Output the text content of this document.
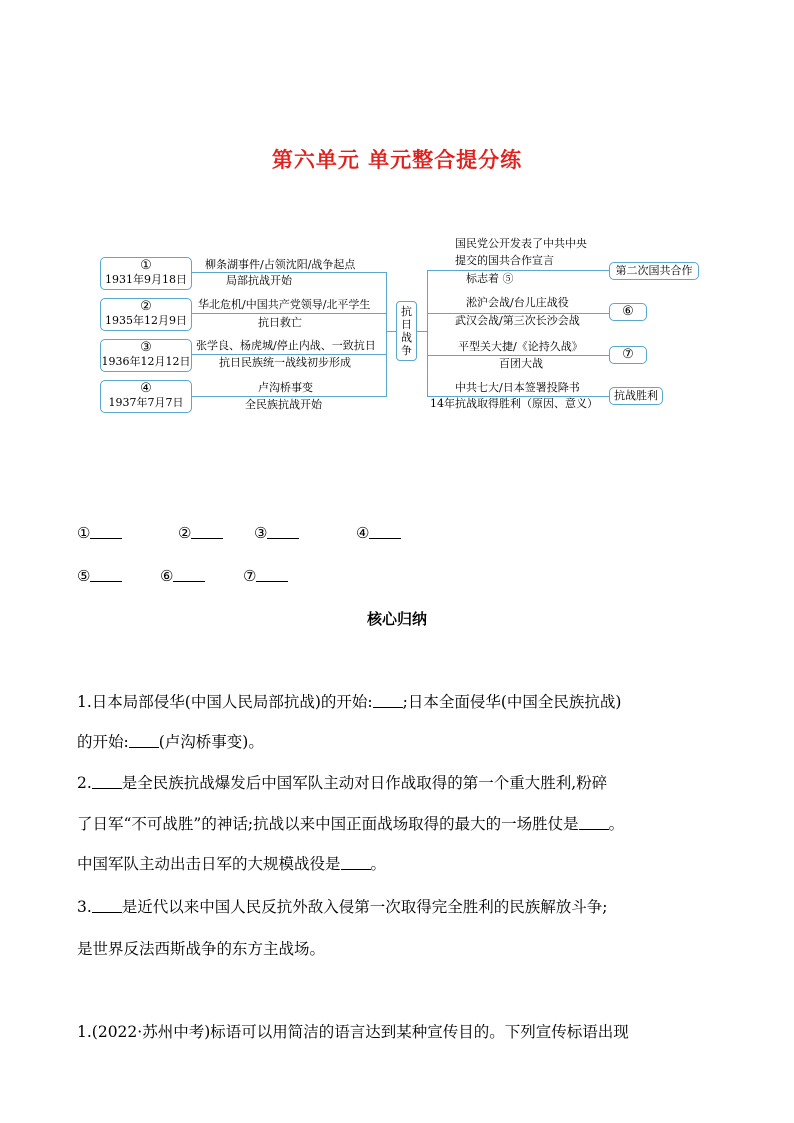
第六单元 单元整合提分练
①
1931年9月18日
②
1935年12月9日
③
1936年12月12日
④
1937年7月7日
柳条湖事件/占领沈阳/战争起点
局部抗战开始
华北危机/中国共产党领导/北平学生
抗日救亡
张学良、杨虎城/停止内战、一致抗日
抗日民族统一战线初步形成
卢沟桥事变
全民族抗战开始
抗日战争
国民党公开发表了中共中央
提交的国共合作宣言
标志着 ⑤
淞沪会战/台儿庄战役
武汉会战/第三次长沙会战
平型关大捷/《论持久战》
百团大战
中共七大/日本签署投降书
14年抗战取得胜利（原因、意义）
第二次国共合作
⑥
⑦
抗战胜利
①	②	③	④
⑤	⑥	⑦
核心归纳
1.日本局部侵华(中国人民局部抗战)的开始: ;日本全面侵华(中国全民族抗战)
的开始: (卢沟桥事变)。
2. 是全民族抗战爆发后中国军队主动对日作战取得的第一个重大胜利,粉碎
了日军“不可战胜”的神话;抗战以来中国正面战场取得的最大的一场胜仗是 。
中国军队主动出击日军的大规模战役是 。
3. 是近代以来中国人民反抗外敌入侵第一次取得完全胜利的民族解放斗争;
是世界反法西斯战争的东方主战场。
1.(2022·苏州中考)标语可以用简洁的语言达到某种宣传目的。下列宣传标语出现
